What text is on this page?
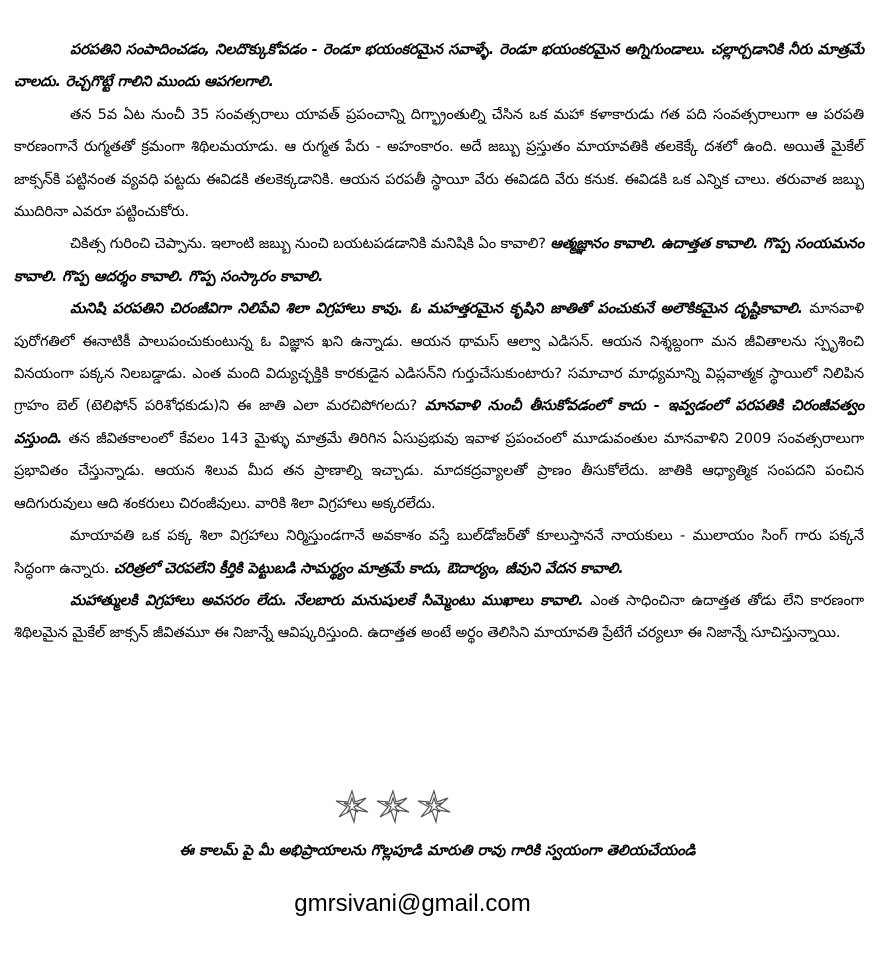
పరపతిని సంపాదించడం, నిలదొక్కుకోవడం - రెండూ భయంకరమైన సవాళ్ళే. రెండూ భయంకరమైన అగ్నిగుండాలు. చల్లార్చడానికి నీరు మాత్రమే చాలదు. రెచ్చగొట్టే గాలిని ముందు ఆపగలగాలి.

తన 5వ ఏట నుంచీ 35 సంవత్సరాలు యావత్ ప్రపంచాన్ని దిగ్భ్రాంతుల్ని చేసిన ఒక మహా కళాకారుడు గత పది సంవత్సరాలుగా ఆ పరపతి కారణంగానే రుగ్మతతో క్రమంగా శిథిలమయాడు. ఆ రుగ్మత పేరు - అహంకారం. అదే జబ్బు ప్రస్తుతం మాయావతికి తలకెక్కే దశలో ఉంది. అయితే మైకేల్ జాక్సన్‌కి పట్టినంత వ్యవధి పట్టదు ఈవిడకి తలకెక్కడానికి. ఆయన పరపతీ స్థాయీ వేరు ఈవిడది వేరు కనుక. ఈవిడకి ఒక ఎన్నిక చాలు. తరువాత జబ్బు ముదిరినా ఎవరూ పట్టించుకోరు.

చికిత్స గురించి చెప్పాను. ఇలాంటి జబ్బు నుంచి బయటపడడానికి మనిషికి ఏం కావాలి? ఆత్మజ్ఞానం కావాలి. ఉదాత్తత కావాలి. గొప్ప సంయమనం కావాలి. గొప్ప ఆదర్శం కావాలి. గొప్ప సంస్కారం కావాలి.

మనిషి పరపతిని చిరంజీవిగా నిలిపేవి శిలా విగ్రహాలు కావు. ఓ మహత్తరమైన కృషిని జాతితో పంచుకునే అలౌకికమైన దృష్టికావాలి. మానవాళి పురోగతిలో ఈనాటికీ పాలుపంచుకుంటున్న ఓ విజ్ఞాన ఖని ఉన్నాడు. ఆయన థామస్ ఆల్వా ఎడిసన్. ఆయన నిశ్శబ్దంగా మన జీవితాలను స్పృశించి వినయంగా పక్కన నిలబడ్డాడు. ఎంత మంది విద్యుచ్ఛక్తికి కారకుడైన ఎడిసన్‌ని గుర్తుచేసుకుంటారు? సమాచార మాధ్యమాన్ని విప్లవాత్మక స్థాయిలో నిలిపిన గ్రాహం బెల్ (టెలిఫోన్ పరిశోధకుడు)ని ఈ జాతి ఎలా మరచిపోగలదు? మానవాళి నుంచీ తీసుకోవడంలో కాదు - ఇవ్వడంలో పరపతికి చిరంజీవత్వం వస్తుంది. తన జీవితకాలంలో కేవలం 143 మైళ్ళు మాత్రమే తిరిగిన ఏసుప్రభువు ఇవాళ ప్రపంచంలో మూడువంతుల మానవాళిని 2009 సంవత్సరాలుగా ప్రభావితం చేస్తున్నాడు. ఆయన శిలువ మీద తన ప్రాణాల్ని ఇచ్చాడు. మాదకద్రవ్యాలతో ప్రాణం తీసుకోలేదు. జాతికి ఆధ్యాత్మిక సంపదని పంచిన ఆదిగురువులు ఆది శంకరులు చిరంజీవులు. వారికి శిలా విగ్రహాలు అక్కరలేదు.

మాయావతి ఒక పక్క శిలా విగ్రహాలు నిర్మిస్తుండగానే అవకాశం వస్తే బుల్‌డోజర్‌తో కూలుస్తాననే నాయకులు - ములాయం సింగ్ గారు పక్కనే సిద్ధంగా ఉన్నారు. చరిత్రలో చెరపలేని కీర్తికి పెట్టుబడి సామర్థ్యం మాత్రమే కాదు, ఔదార్యం, జీవుని వేదన కావాలి.

మహాత్ములకి విగ్రహాలు అవసరం లేదు. నేలబారు మనుషులకే సిమ్మెంటు ముఖాలు కావాలి. ఎంత సాధించినా ఉదాత్తత తోడు లేని కారణంగా శిథిలమైన మైకేల్ జాక్సన్ జీవితమూ ఈ నిజాన్నే ఆవిష్కరిస్తుంది. ఉదాత్తత అంటే అర్థం తెలిసిని మాయావతి ప్రేటేగే చర్యలూ ఈ నిజాన్నే సూచిస్తున్నాయి.

ఈ కాలమ్ పై మీ అభిప్రాయాలను గొల్లపూడి మారుతి రావు గారికి స్వయంగా తెలియచేయండి
gmrsivani@gmail.com
